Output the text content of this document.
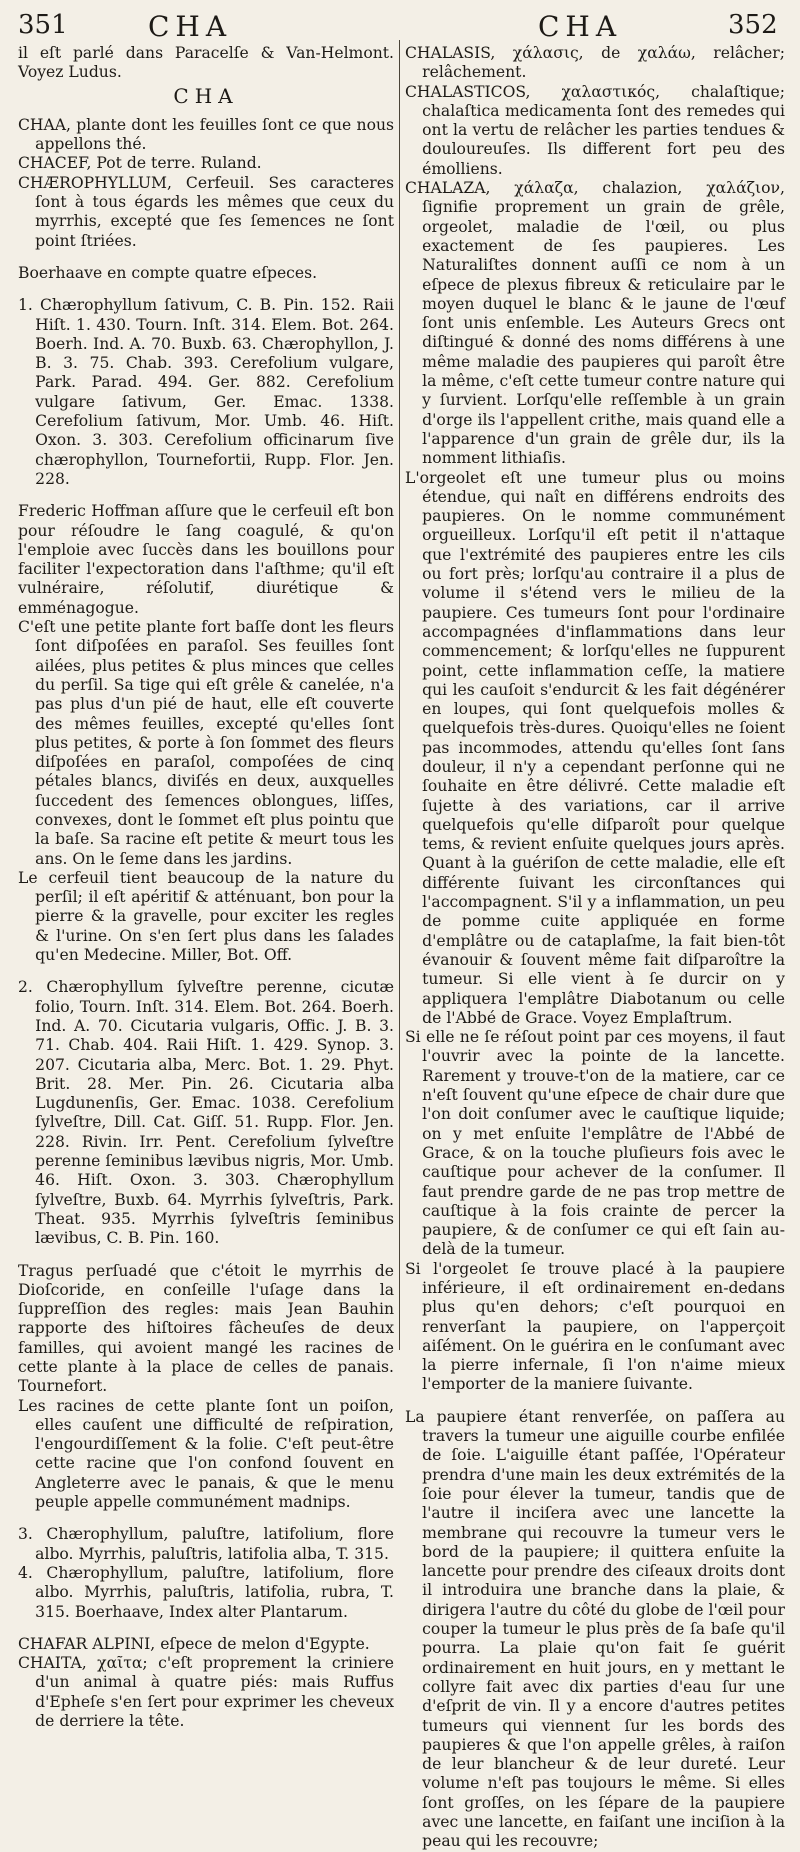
351	CHA	CHA	352

il eſt parlé dans Paracelſe & Van-Helmont. Voyez Ludus.

CHA

CHAA, plante dont les feuilles ſont ce que nous appellons thé.

CHACEF, Pot de terre. Ruland.

CHÆROPHYLLUM, Cerfeuil. Ses caracteres ſont à tous égards les mêmes que ceux du myrrhis, excepté que ſes ſemences ne ſont point ſtriées.

Boerhaave en compte quatre eſpeces.

1. Chærophyllum ſativum, C. B. Pin. 152. Raii Hiſt. 1. 430. Tourn. Inſt. 314. Elem. Bot. 264. Boerh. Ind. A. 70. Buxb. 63. Chærophyllon, J. B. 3. 75. Chab. 393. Cerefolium vulgare, Park. Parad. 494. Ger. 882. Cerefolium vulgare ſativum, Ger. Emac. 1338. Cerefolium ſativum, Mor. Umb. 46. Hiſt. Oxon. 3. 303. Cerefolium officinarum ſive chærophyllon, Tournefortii, Rupp. Flor. Jen. 228.

Frederic Hoffman aſſure que le cerfeuil eſt bon pour réſoudre le ſang coagulé, & qu'on l'emploie avec ſuccès dans les bouillons pour faciliter l'expectoration dans l'aſthme; qu'il eſt vulnéraire, réſolutif, diurétique & emménagogue.

C'eſt une petite plante fort baſſe dont les fleurs ſont diſpoſées en paraſol. Ses feuilles ſont ailées, plus petites & plus minces que celles du perſil. Sa tige qui eſt grêle & canelée, n'a pas plus d'un pié de haut, elle eſt couverte des mêmes feuilles, excepté qu'elles ſont plus petites, & porte à ſon ſommet des fleurs diſpoſées en paraſol, compoſées de cinq pétales blancs, diviſés en deux, auxquelles ſuccedent des ſemences oblongues, liſſes, convexes, dont le ſommet eſt plus pointu que la baſe. Sa racine eſt petite & meurt tous les ans. On le ſeme dans les jardins.

Le cerfeuil tient beaucoup de la nature du perſil; il eſt apéritif & atténuant, bon pour la pierre & la gravelle, pour exciter les regles & l'urine. On s'en ſert plus dans les ſalades qu'en Medecine. Miller, Bot. Off.

2. Chærophyllum ſylveſtre perenne, cicutæ folio, Tourn. Inſt. 314. Elem. Bot. 264. Boerh. Ind. A. 70. Cicutaria vulgaris, Offic. J. B. 3. 71. Chab. 404. Raii Hiſt. 1. 429. Synop. 3. 207. Cicutaria alba, Merc. Bot. 1. 29. Phyt. Brit. 28. Mer. Pin. 26. Cicutaria alba Lugdunenſis, Ger. Emac. 1038. Cerefolium ſylveſtre, Dill. Cat. Giſſ. 51. Rupp. Flor. Jen. 228. Rivin. Irr. Pent. Cerefolium ſylveſtre perenne ſeminibus lævibus nigris, Mor. Umb. 46. Hiſt. Oxon. 3. 303. Chærophyllum ſylveſtre, Buxb. 64. Myrrhis ſylveſtris, Park. Theat. 935. Myrrhis ſylveſtris ſeminibus lævibus, C. B. Pin. 160.

Tragus perſuadé que c'étoit le myrrhis de Dioſcoride, en conſeille l'uſage dans la ſuppreſſion des regles: mais Jean Bauhin rapporte des hiſtoires fâcheuſes de deux familles, qui avoient mangé les racines de cette plante à la place de celles de panais. Tournefort.

Les racines de cette plante ſont un poiſon, elles cauſent une difficulté de reſpiration, l'engourdiſſement & la folie. C'eſt peut-être cette racine que l'on confond ſouvent en Angleterre avec le panais, & que le menu peuple appelle communément madnips.

3. Chærophyllum, paluſtre, latifolium, flore albo. Myrrhis, paluſtris, latifolia alba, T. 315.

4. Chærophyllum, paluſtre, latifolium, flore albo. Myrrhis, paluſtris, latifolia, rubra, T. 315. Boerhaave, Index alter Plantarum.

CHAFAR ALPINI, eſpece de melon d'Egypte.

CHAITA, χαῖτα; c'eſt proprement la criniere d'un animal à quatre piés: mais Ruffus d'Epheſe s'en ſert pour exprimer les cheveux de derriere la tête.

CHALASIS, χάλασις, de χαλάω, relâcher; relâchement.

CHALASTICOS, χαλαστικός, chalaſtique; chalaſtica medicamenta ſont des remedes qui ont la vertu de relâcher les parties tendues & douloureuſes. Ils different fort peu des émolliens.

CHALAZA, χάλαζα, chalazion, χαλάζιον, ſignifie proprement un grain de grêle, orgeolet, maladie de l'œil, ou plus exactement de ſes paupieres. Les Naturaliſtes donnent auſſi ce nom à un eſpece de plexus fibreux & reticulaire par le moyen duquel le blanc & le jaune de l'œuf ſont unis enſemble. Les Auteurs Grecs ont diſtingué & donné des noms différens à une même maladie des paupieres qui paroît être la même, c'eſt cette tumeur contre nature qui y ſurvient. Lorſqu'elle reſſemble à un grain d'orge ils l'appellent crithe, mais quand elle a l'apparence d'un grain de grêle dur, ils la nomment lithiaſis.

L'orgeolet eſt une tumeur plus ou moins étendue, qui naît en différens endroits des paupieres. On le nomme communément orgueilleux. Lorſqu'il eſt petit il n'attaque que l'extrémité des paupieres entre les cils ou fort près; lorſqu'au contraire il a plus de volume il s'étend vers le milieu de la paupiere. Ces tumeurs ſont pour l'ordinaire accompagnées d'inflammations dans leur commencement; & lorſqu'elles ne ſuppurent point, cette inflammation ceſſe, la matiere qui les cauſoit s'endurcit & les fait dégénérer en loupes, qui ſont quelquefois molles & quelquefois très-dures. Quoiqu'elles ne ſoient pas incommodes, attendu qu'elles ſont ſans douleur, il n'y a cependant perſonne qui ne ſouhaite en être délivré. Cette maladie eſt ſujette à des variations, car il arrive quelquefois qu'elle diſparoît pour quelque tems, & revient enſuite quelques jours après. Quant à la guériſon de cette maladie, elle eſt différente ſuivant les circonſtances qui l'accompagnent. S'il y a inflammation, un peu de pomme cuite appliquée en forme d'emplâtre ou de cataplaſme, la fait bien-tôt évanouir & ſouvent même fait diſparoître la tumeur. Si elle vient à ſe durcir on y appliquera l'emplâtre Diabotanum ou celle de l'Abbé de Grace. Voyez Emplaſtrum.

Si elle ne ſe réſout point par ces moyens, il faut l'ouvrir avec la pointe de la lancette. Rarement y trouve-t'on de la matiere, car ce n'eſt ſouvent qu'une eſpece de chair dure que l'on doit conſumer avec le cauſtique liquide; on y met enſuite l'emplâtre de l'Abbé de Grace, & on la touche pluſieurs fois avec le cauſtique pour achever de la conſumer. Il faut prendre garde de ne pas trop mettre de cauſtique à la fois crainte de percer la paupiere, & de conſumer ce qui eſt ſain au-delà de la tumeur.

Si l'orgeolet ſe trouve placé à la paupiere inférieure, il eſt ordinairement en-dedans plus qu'en dehors; c'eſt pourquoi en renverſant la paupiere, on l'apperçoit aiſément. On le guérira en le conſumant avec la pierre infernale, ſi l'on n'aime mieux l'emporter de la maniere ſuivante.

La paupiere étant renverſée, on paſſera au travers la tumeur une aiguille courbe enfilée de ſoie. L'aiguille étant paſſée, l'Opérateur prendra d'une main les deux extrémités de la ſoie pour élever la tumeur, tandis que de l'autre il inciſera avec une lancette la membrane qui recouvre la tumeur vers le bord de la paupiere; il quittera enſuite la lancette pour prendre des ciſeaux droits dont il introduira une branche dans la plaie, & dirigera l'autre du côté du globe de l'œil pour couper la tumeur le plus près de ſa baſe qu'il pourra. La plaie qu'on fait ſe guérit ordinairement en huit jours, en y mettant le collyre fait avec dix parties d'eau ſur une d'eſprit de vin. Il y a encore d'autres petites tumeurs qui viennent ſur les bords des paupieres & que l'on appelle grêles, à raiſon de leur blancheur & de leur dureté. Leur volume n'eſt pas toujours le même. Si elles ſont groſſes, on les ſépare de la paupiere avec une lancette, en faiſant une inciſion à la peau qui les recouvre;
